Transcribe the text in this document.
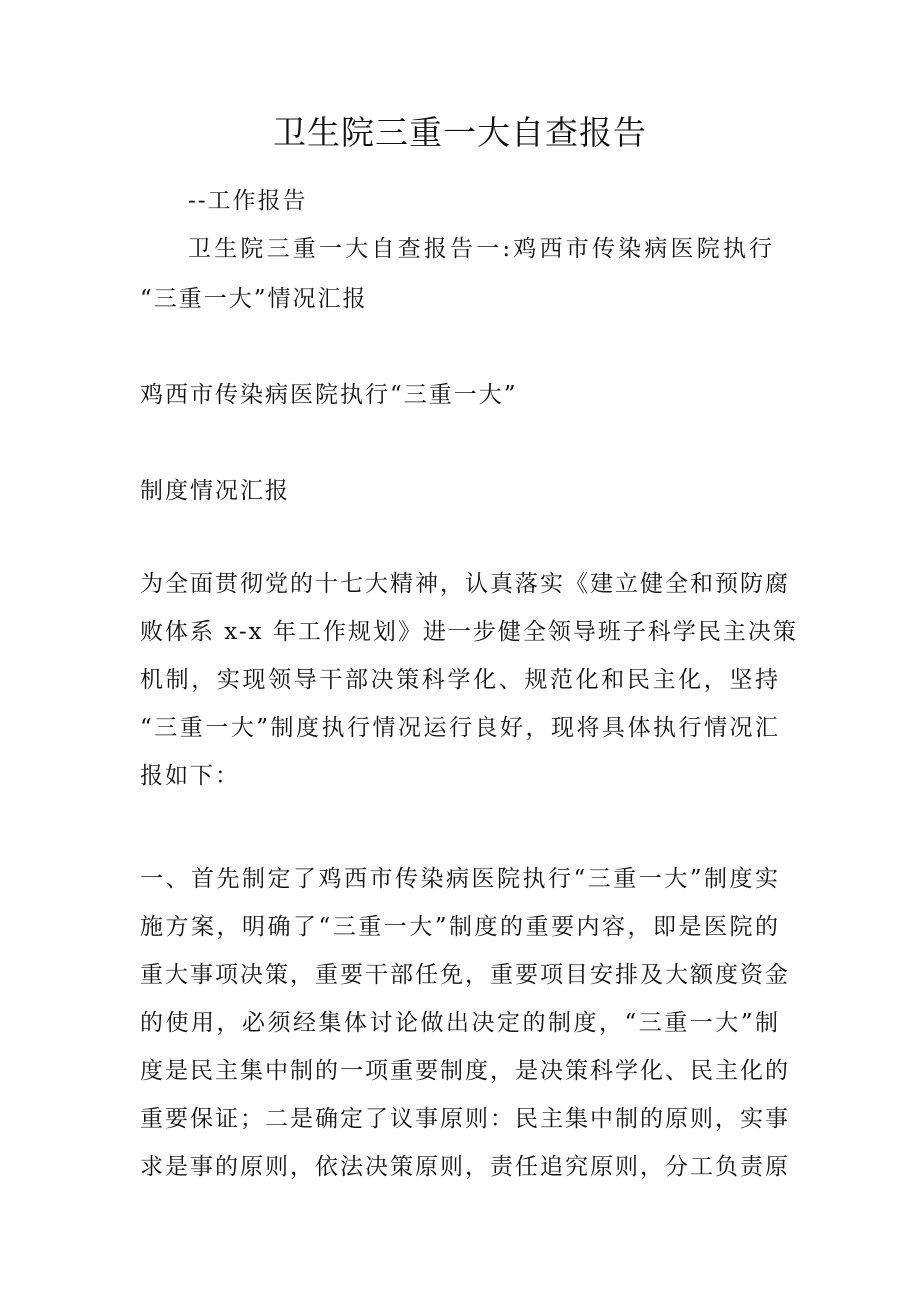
卫生院三重一大自查报告
--工作报告
卫生院三重一大自查报告一:鸡西市传染病医院执行
“三重一大”情况汇报
鸡西市传染病医院执行“三重一大”
制度情况汇报
为全面贯彻党的十七大精神，认真落实《建立健全和预防腐
败体系 x-x 年工作规划》进一步健全领导班子科学民主决策
机制，实现领导干部决策科学化、规范化和民主化，坚持
“三重一大”制度执行情况运行良好，现将具体执行情况汇
报如下：
一、首先制定了鸡西市传染病医院执行“三重一大”制度实
施方案，明确了“三重一大”制度的重要内容，即是医院的
重大事项决策，重要干部任免，重要项目安排及大额度资金
的使用，必须经集体讨论做出决定的制度，“三重一大”制
度是民主集中制的一项重要制度，是决策科学化、民主化的
重要保证；二是确定了议事原则：民主集中制的原则，实事
求是事的原则，依法决策原则，责任追究原则，分工负责原
